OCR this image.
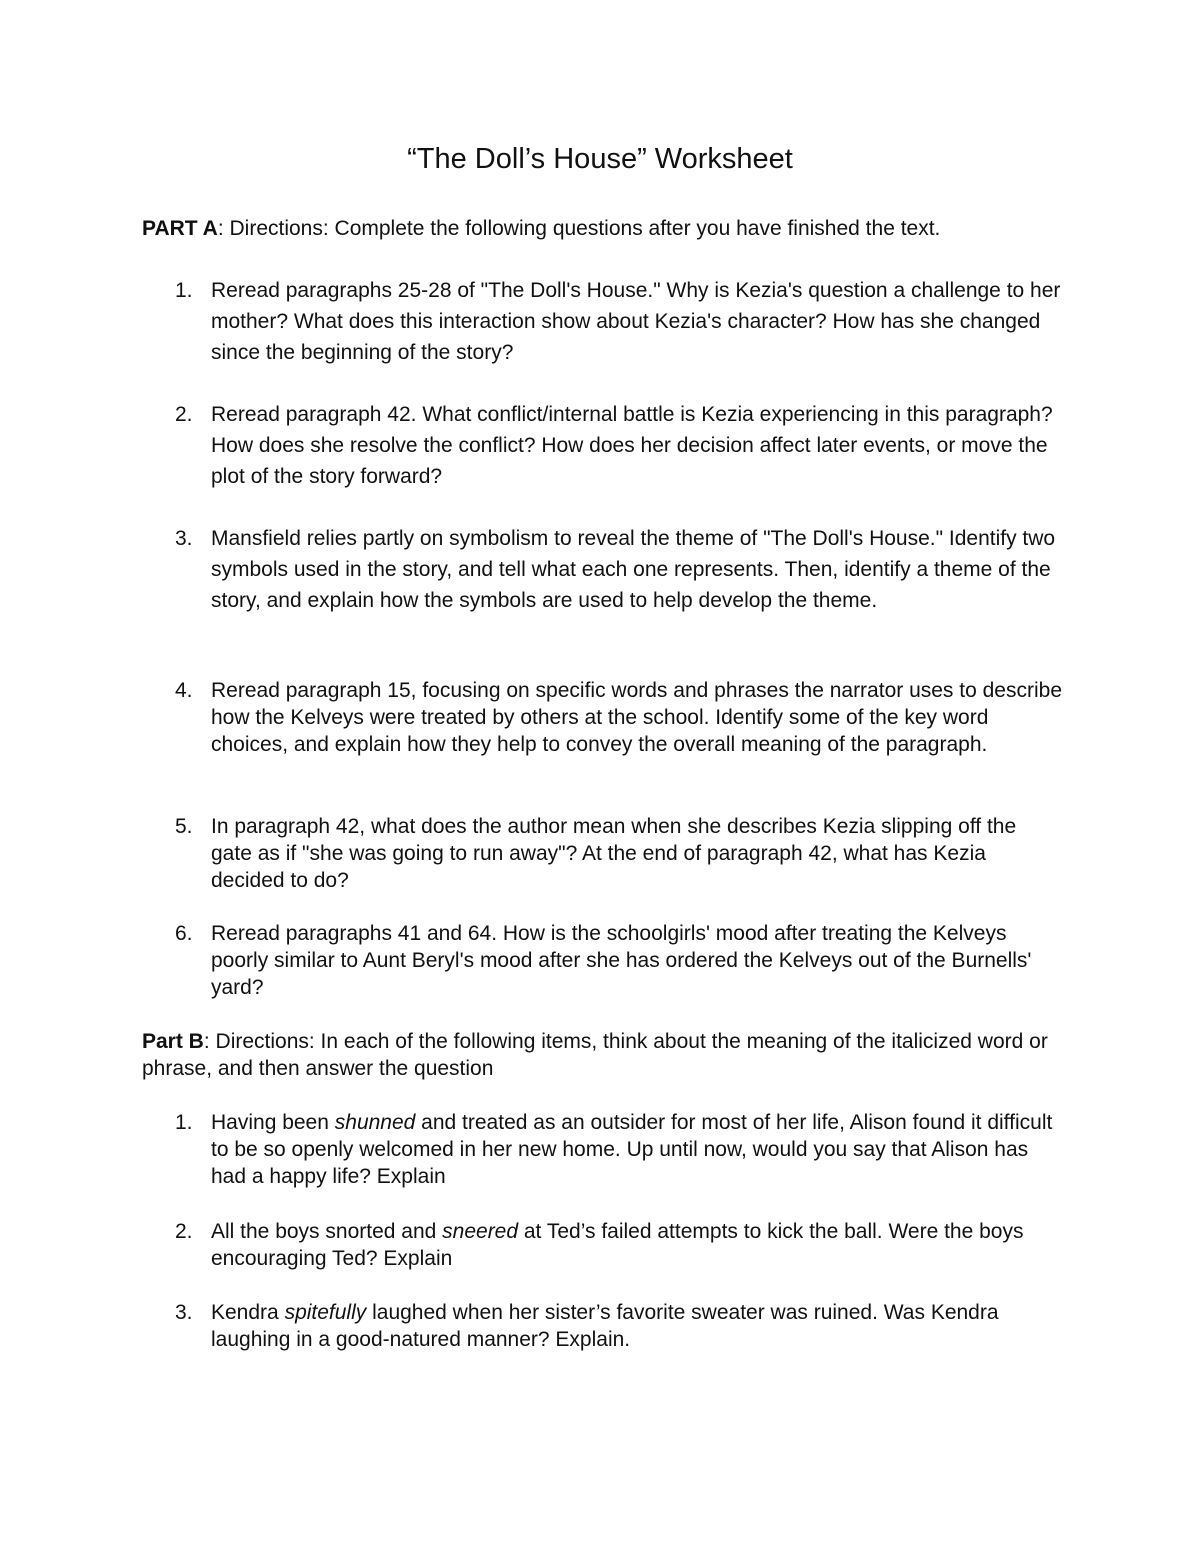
“The Doll’s House” Worksheet

PART A: Directions: Complete the following questions after you have finished the text.

1. Reread paragraphs 25-28 of "The Doll's House." Why is Kezia's question a challenge to her mother? What does this interaction show about Kezia's character? How has she changed since the beginning of the story?
2. Reread paragraph 42. What conflict/internal battle is Kezia experiencing in this paragraph? How does she resolve the conflict? How does her decision affect later events, or move the plot of the story forward?
3. Mansfield relies partly on symbolism to reveal the theme of "The Doll's House." Identify two symbols used in the story, and tell what each one represents. Then, identify a theme of the story, and explain how the symbols are used to help develop the theme.
4. Reread paragraph 15, focusing on specific words and phrases the narrator uses to describe how the Kelveys were treated by others at the school. Identify some of the key word choices, and explain how they help to convey the overall meaning of the paragraph.
5. In paragraph 42, what does the author mean when she describes Kezia slipping off the gate as if "she was going to run away"? At the end of paragraph 42, what has Kezia decided to do?
6. Reread paragraphs 41 and 64. How is the schoolgirls' mood after treating the Kelveys poorly similar to Aunt Beryl's mood after she has ordered the Kelveys out of the Burnells' yard?

Part B: Directions: In each of the following items, think about the meaning of the italicized word or phrase, and then answer the question

1. Having been shunned and treated as an outsider for most of her life, Alison found it difficult to be so openly welcomed in her new home. Up until now, would you say that Alison has had a happy life? Explain
2. All the boys snorted and sneered at Ted’s failed attempts to kick the ball. Were the boys encouraging Ted? Explain
3. Kendra spitefully laughed when her sister’s favorite sweater was ruined. Was Kendra laughing in a good-natured manner? Explain.
